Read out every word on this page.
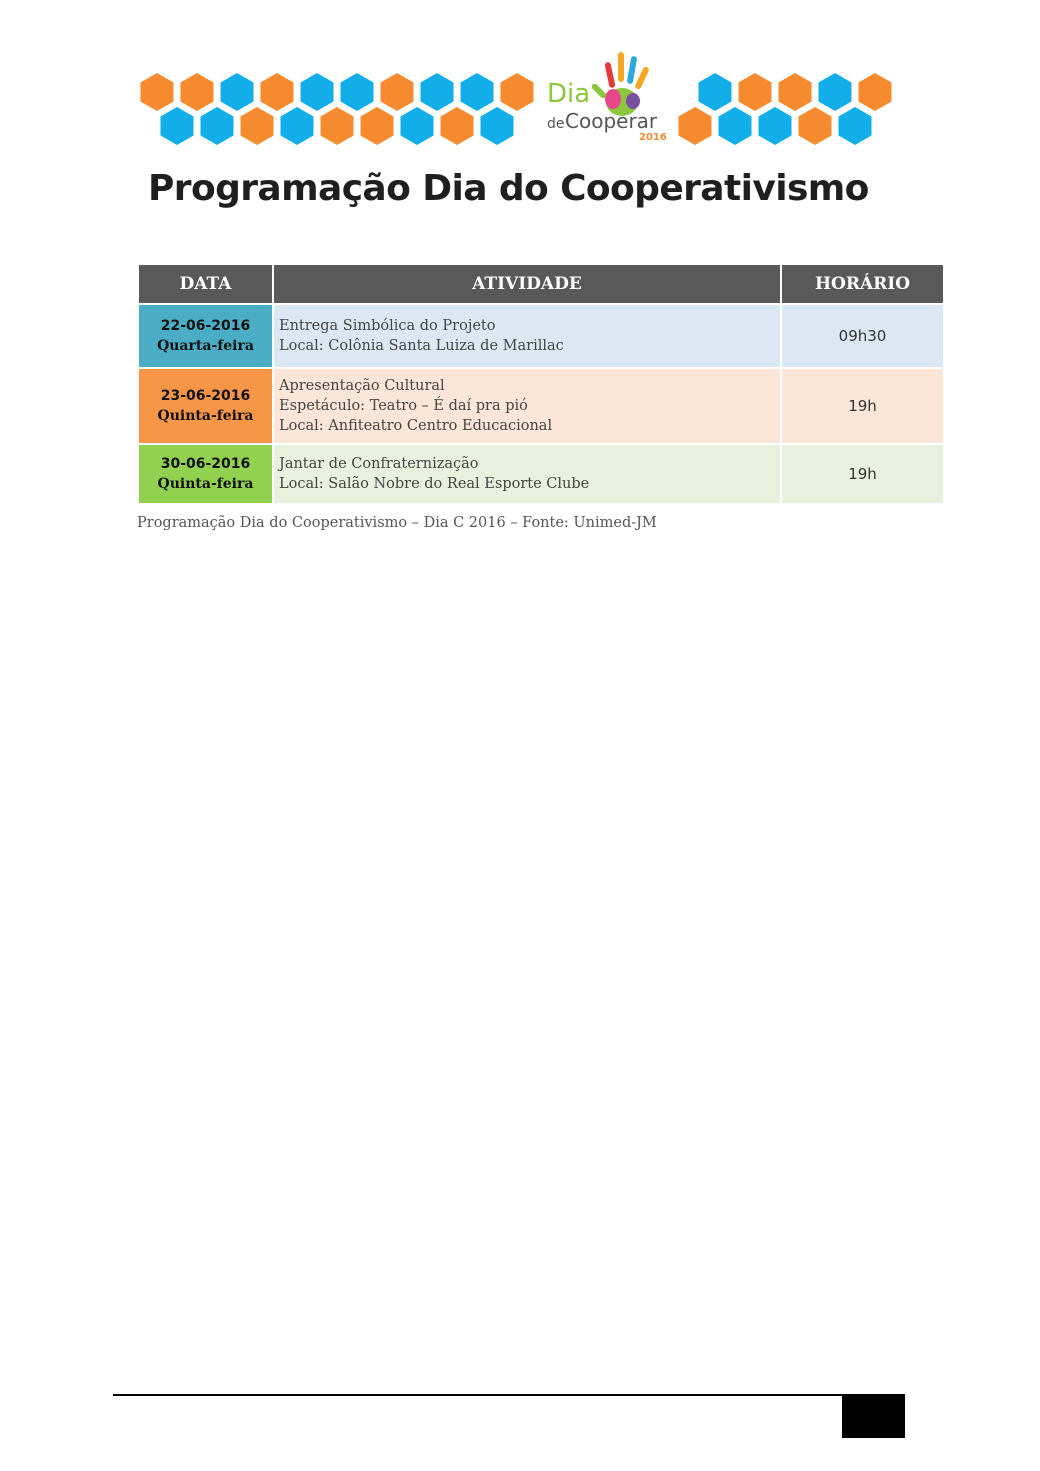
Dia
de Cooperar
2016
Programação Dia do Cooperativismo
DATA	ATIVIDADE	HORÁRIO

22-06-2016
Quarta-feira	Entrega Simbólica do Projeto
Local: Colônia Santa Luiza de Marillac	09h30

23-06-2016
Quinta-feira	Apresentação Cultural
Espetáculo: Teatro – É daí pra pió
Local: Anfiteatro Centro Educacional	19h

30-06-2016
Quinta-feira	Jantar de Confraternização
Local: Salão Nobre do Real Esporte Clube	19h
Programação Dia do Cooperativismo – Dia C 2016 – Fonte: Unimed-JM
